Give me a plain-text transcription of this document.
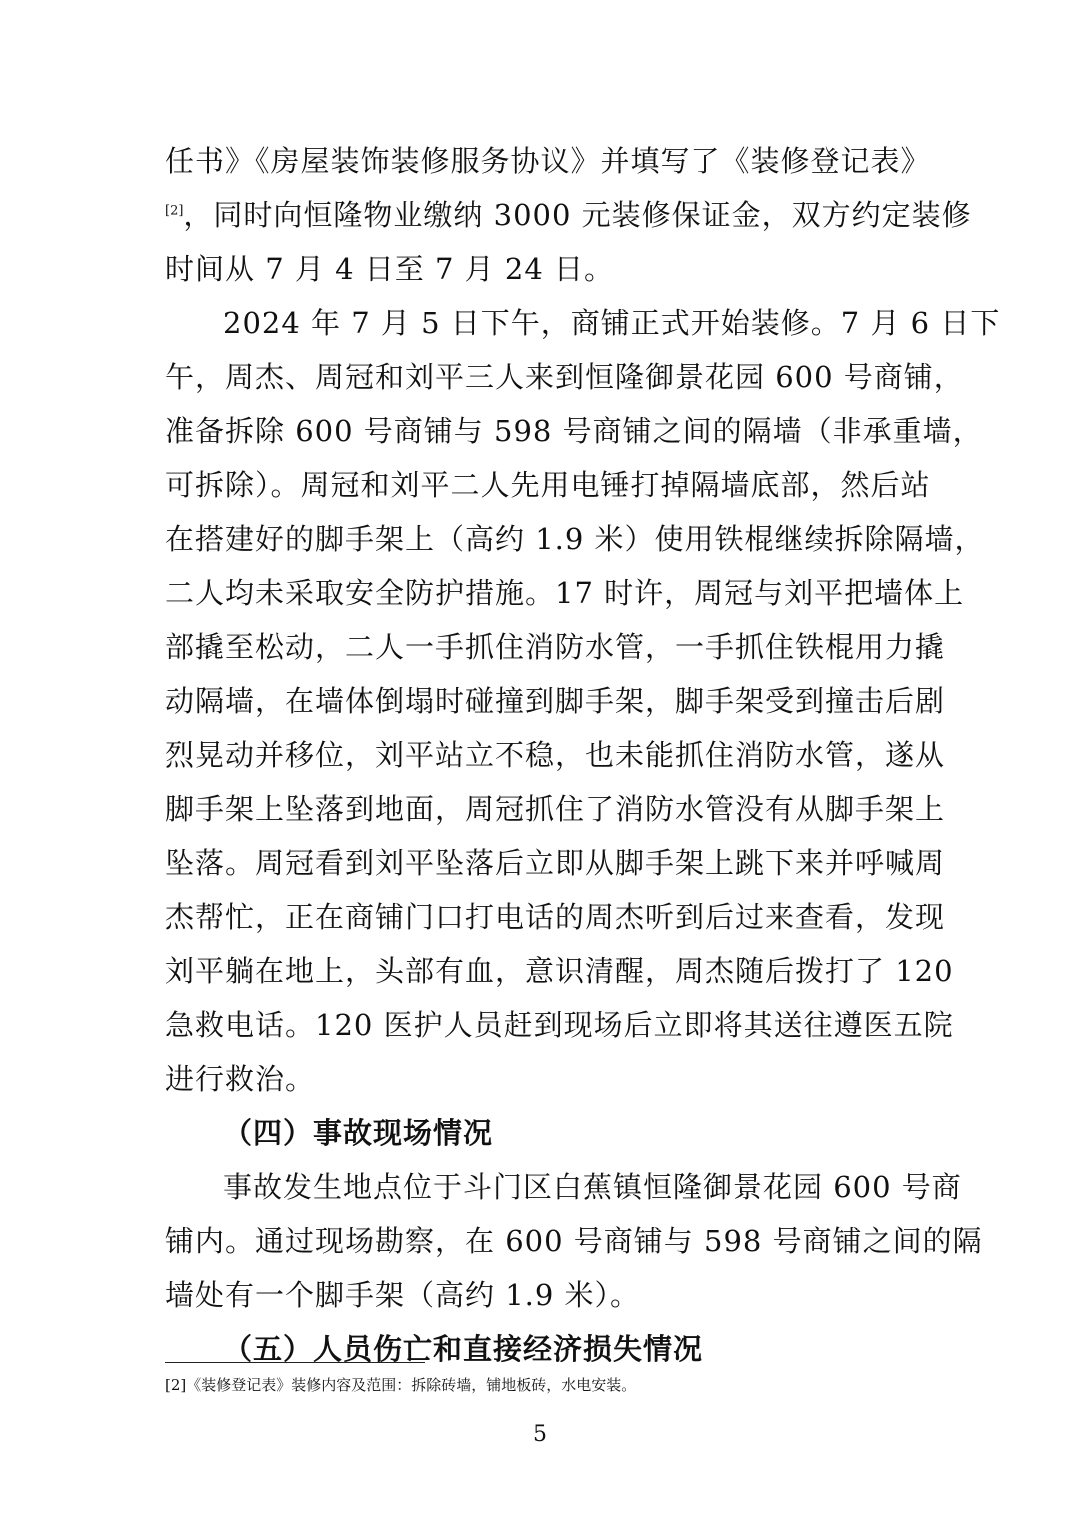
任书》《房屋装饰装修服务协议》并填写了《装修登记表》
[2]，同时向恒隆物业缴纳 3000 元装修保证金，双方约定装修
时间从 7 月 4 日至 7 月 24 日。
2024 年 7 月 5 日下午，商铺正式开始装修。7 月 6 日下
午，周杰、周冠和刘平三人来到恒隆御景花园 600 号商铺，
准备拆除 600 号商铺与 598 号商铺之间的隔墙（非承重墙，
可拆除）。周冠和刘平二人先用电锤打掉隔墙底部，然后站
在搭建好的脚手架上（高约 1.9 米）使用铁棍继续拆除隔墙，
二人均未采取安全防护措施。17 时许，周冠与刘平把墙体上
部撬至松动，二人一手抓住消防水管，一手抓住铁棍用力撬
动隔墙，在墙体倒塌时碰撞到脚手架，脚手架受到撞击后剧
烈晃动并移位，刘平站立不稳，也未能抓住消防水管，遂从
脚手架上坠落到地面，周冠抓住了消防水管没有从脚手架上
坠落。周冠看到刘平坠落后立即从脚手架上跳下来并呼喊周
杰帮忙，正在商铺门口打电话的周杰听到后过来查看，发现
刘平躺在地上，头部有血，意识清醒，周杰随后拨打了 120
急救电话。120 医护人员赶到现场后立即将其送往遵医五院
进行救治。
（四）事故现场情况
事故发生地点位于斗门区白蕉镇恒隆御景花园 600 号商
铺内。通过现场勘察，在 600 号商铺与 598 号商铺之间的隔
墙处有一个脚手架（高约 1.9 米）。
（五）人员伤亡和直接经济损失情况
[2]《装修登记表》装修内容及范围：拆除砖墙，铺地板砖，水电安装。
5
